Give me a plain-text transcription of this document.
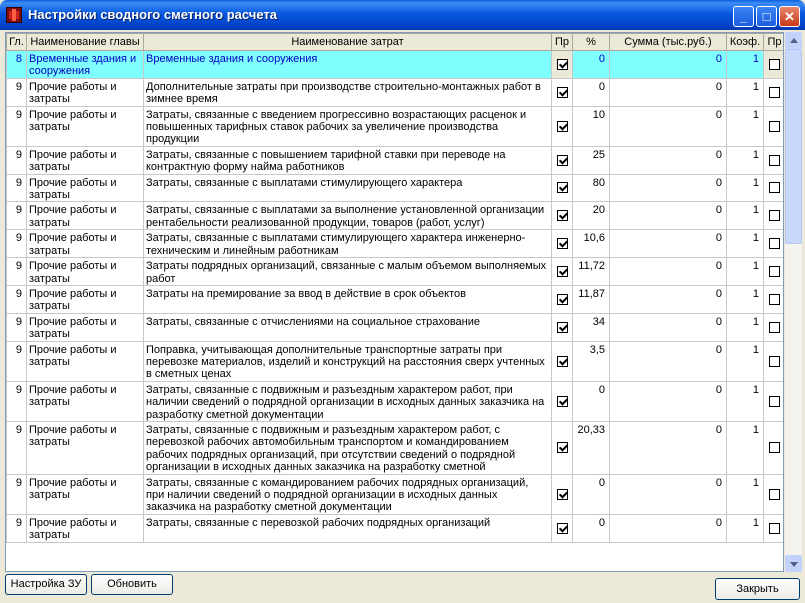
Настройки сводного сметного расчета	_	□	✕
Гл.	Наименование главы	Наименование затрат	Пр	%	Сумма (тыс.руб.)	Коэф.	Пр
8	Временные здания и сооружения	Временные здания и сооружения		0	0	1	
9	Прочие работы и затраты	Дополнительные затраты при производстве строительно-монтажных работ в зимнее время		0	0	1	
9	Прочие работы и затраты	Затраты, связанные с введением прогрессивно возрастающих расценок и повышенных тарифных ставок рабочих за увеличение производства продукции		10	0	1	
9	Прочие работы и затраты	Затраты, связанные с повышением тарифной ставки при переводе на контрактную форму найма работников		25	0	1	
9	Прочие работы и затраты	Затраты, связанные с выплатами стимулирующего характера		80	0	1	
9	Прочие работы и затраты	Затраты, связанные с выплатами за выполнение установленной организации рентабельности реализованной продукции, товаров (работ, услуг)		20	0	1	
9	Прочие работы и затраты	Затраты, связанные с выплатами стимулирующего характера инженерно-техническим и линейным работникам		10,6	0	1	
9	Прочие работы и затраты	Затраты подрядных организаций, связанные с малым объемом выполняемых работ		11,72	0	1	
9	Прочие работы и затраты	Затраты на премирование за ввод в действие в срок объектов		11,87	0	1	
9	Прочие работы и затраты	Затраты, связанные с отчислениями на социальное страхование		34	0	1	
9	Прочие работы и затраты	Поправка, учитывающая дополнительные транспортные затраты при перевозке материалов, изделий и конструкций на расстояния сверх учтенных в сметных ценах		3,5	0	1	
9	Прочие работы и затраты	Затраты, связанные с подвижным и разъездным характером работ, при наличии сведений о подрядной организации в исходных данных заказчика на разработку сметной документации		0	0	1	
9	Прочие работы и затраты	Затраты, связанные с подвижным и разъездным характером работ, с перевозкой рабочих автомобильным транспортом и командированием рабочих подрядных организаций, при отсутствии сведений о подрядной организации в исходных данных заказчика на разработку сметной		20,33	0	1	
9	Прочие работы и затраты	Затраты, связанные с командированием рабочих подрядных организаций, при наличии сведений о подрядной организации в исходных данных заказчика на разработку сметной документации		0	0	1	
9	Прочие работы и затраты	Затраты, связанные с перевозкой рабочих подрядных организаций		0	0	1	
Настройка ЗУ	Обновить	Закрыть
